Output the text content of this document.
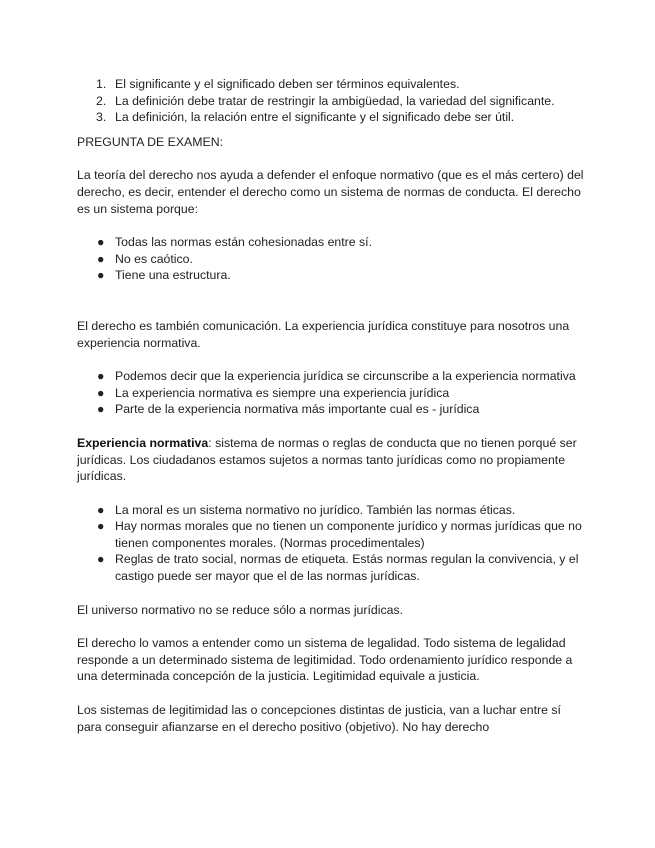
1. El significante y el significado deben ser términos equivalentes.
2. La definición debe tratar de restringir la ambigüedad, la variedad del significante.
3. La definición, la relación entre el significante y el significado debe ser útil.

PREGUNTA DE EXAMEN:

La teoría del derecho nos ayuda a defender el enfoque normativo (que es el más certero) del derecho, es decir, entender el derecho como un sistema de normas de conducta. El derecho es un sistema porque:

● Todas las normas están cohesionadas entre sí.
● No es caótico.
● Tiene una estructura.

El derecho es también comunicación. La experiencia jurídica constituye para nosotros una experiencia normativa.

● Podemos decir que la experiencia jurídica se circunscribe a la experiencia normativa
● La experiencia normativa es siempre una experiencia jurídica
● Parte de la experiencia normativa más importante cual es - jurídica

Experiencia normativa: sistema de normas o reglas de conducta que no tienen porqué ser jurídicas. Los ciudadanos estamos sujetos a normas tanto jurídicas como no propiamente jurídicas.

● La moral es un sistema normativo no jurídico. También las normas éticas.
● Hay normas morales que no tienen un componente jurídico y normas jurídicas que no tienen componentes morales. (Normas procedimentales)
● Reglas de trato social, normas de etiqueta. Estás normas regulan la convivencia, y el castigo puede ser mayor que el de las normas jurídicas.

El universo normativo no se reduce sólo a normas jurídicas.

El derecho lo vamos a entender como un sistema de legalidad. Todo sistema de legalidad responde a un determinado sistema de legitimidad. Todo ordenamiento jurídico responde a una determinada concepción de la justicia. Legitimidad equivale a justicia.

Los sistemas de legitimidad las o concepciones distintas de justicia, van a luchar entre sí para conseguir afianzarse en el derecho positivo (objetivo). No hay derecho
